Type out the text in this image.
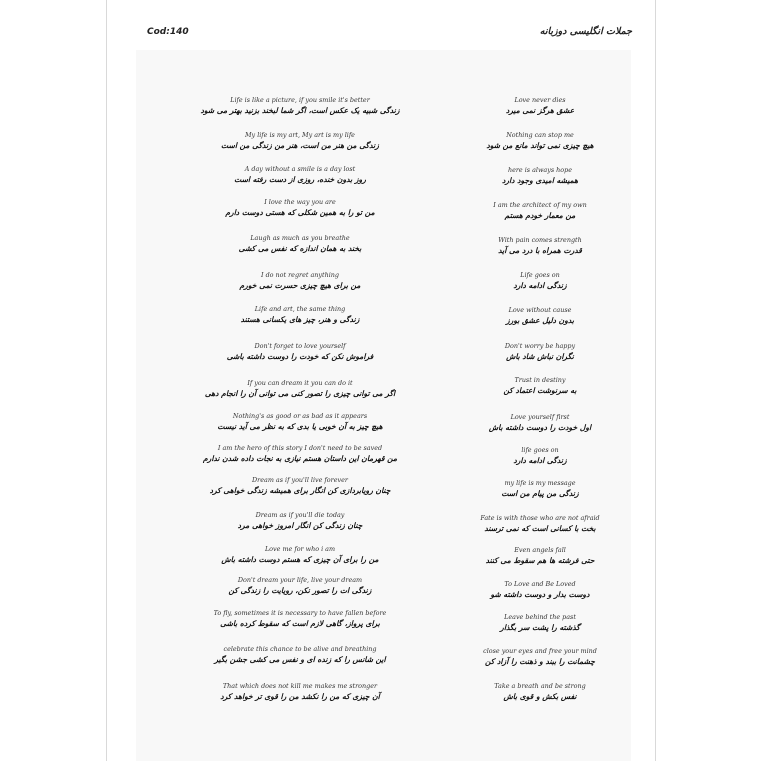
Cod:140	جملات انگلیسی دوزبانه
Life is like a picture, if you smile it's better
زندگی شبیه یک عکس است، اگر شما لبخند بزنید بهتر می شود
My life is my art, My art is my life
زندگی من هنر من است، هنر من زندگی من است
A day without a smile is a day lost
روز بدون خنده، روزی از دست رفته است
I love the way you are
من تو را به همین شکلی که هستی دوست دارم
Laugh as much as you breathe
بخند به همان اندازه که نفس می کشی
I do not regret anything
من برای هیچ چیزی حسرت نمی خورم
Life and art, the same thing
زندگی و هنر، چیز های یکسانی هستند
Don't forget to love yourself
فراموش نکن که خودت را دوست داشته باشی
If you can dream it you can do it
اگر می توانی چیزی را تصور کنی می توانی آن را انجام دهی
Nothing's as good or as bad as it appears
هیچ چیز به آن خوبی یا بدی که به نظر می آید نیست
I am the hero of this story I don't need to be saved
من قهرمان این داستان هستم نیازی به نجات داده شدن ندارم
Dream as if you'll live forever
چنان رویابردازی کن انگار برای همیشه زندگی خواهی کرد
Dream as if you'll die today
چنان زندگی کن انگار امروز خواهی مرد
Love me for who i am
من را برای آن چیزی که هستم دوست داشته باش
Don't dream your life, live your dream
زندگی ات را تصور نکن، رویایت را زندگی کن
To fly, sometimes it is necessary to have fallen before
برای پرواز، گاهی لازم است که سقوط کرده باشی
celebrate this chance to be alive and breathing
این شانس را که زنده ای و نفس می کشی جشن بگیر
That which does not kill me makes me stronger
آن چیزی که من را نکشد من را قوی تر خواهد کرد
Love never dies
عشق هرگز نمی میرد
Nothing can stop me
هیچ چیزی نمی تواند مانع من شود
here is always hope
همیشه امیدی وجود دارد
I am the architect of my own
من معمار خودم هستم
With pain comes strength
قدرت همراه با درد می آید
Life goes on
زندگی ادامه دارد
Love without cause
بدون دلیل عشق بورز
Don't worry be happy
نگران نباش شاد باش
Trust in destiny
به سرنوشت اعتماد کن
Love yourself first
اول خودت را دوست داشته باش
life goes on
زندگی ادامه دارد
my life is my message
زندگی من پیام من است
Fate is with those who are not afraid
بخت با کسانی است که نمی ترسند
Even angels fall
حتی فرشته ها هم سقوط می کنند
To Love and Be Loved
دوست بدار و دوست داشته شو
Leave behind the past
گذشته را پشت سر بگذار
close your eyes and free your mind
چشمانت را ببند و ذهنت را آزاد کن
Take a breath and be strong
نفس بکش و قوی باش
